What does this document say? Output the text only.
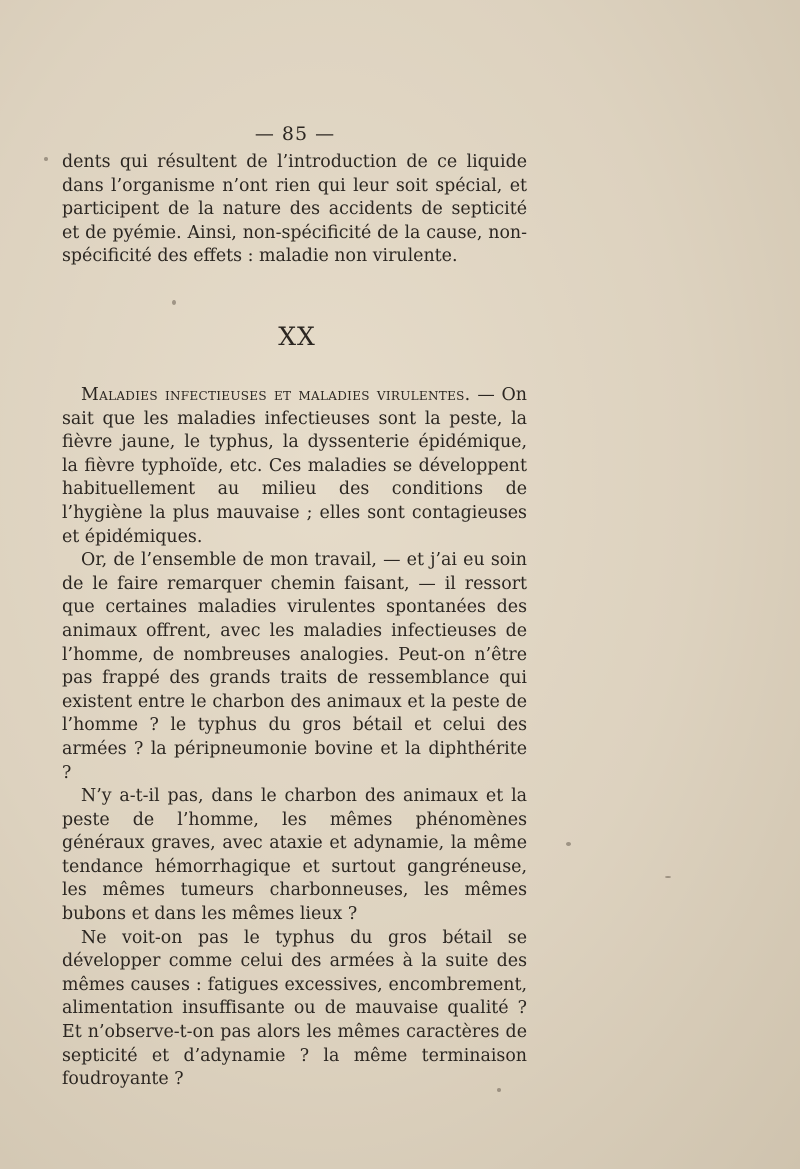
— 85 —

dents qui résultent de l’introduction de ce liquide dans l’organisme n’ont rien qui leur soit spécial, et participent de la nature des accidents de septicité et de pyémie. Ainsi, non-spécificité de la cause, non-spécificité des effets : maladie non virulente.

XX

Maladies infectieuses et maladies virulentes. — On sait que les maladies infectieuses sont la peste, la fièvre jaune, le typhus, la dyssenterie épidémique, la fièvre typhoïde, etc. Ces maladies se développent habituellement au milieu des conditions de l’hygiène la plus mauvaise ; elles sont contagieuses et épidémiques.

Or, de l’ensemble de mon travail, — et j’ai eu soin de le faire remarquer chemin faisant, — il ressort que certaines maladies virulentes spontanées des animaux offrent, avec les maladies infectieuses de l’homme, de nombreuses analogies. Peut-on n’être pas frappé des grands traits de ressemblance qui existent entre le charbon des animaux et la peste de l’homme ? le typhus du gros bétail et celui des armées ? la péripneumonie bovine et la diphthérite ?

N’y a-t-il pas, dans le charbon des animaux et la peste de l’homme, les mêmes phénomènes généraux graves, avec ataxie et adynamie, la même tendance hémorrhagique et surtout gangréneuse, les mêmes tumeurs charbonneuses, les mêmes bubons et dans les mêmes lieux ?

Ne voit-on pas le typhus du gros bétail se développer comme celui des armées à la suite des mêmes causes : fatigues excessives, encombrement, alimentation insuffisante ou de mauvaise qualité ? Et n’observe-t-on pas alors les mêmes caractères de septicité et d’adynamie ? la même terminaison foudroyante ?
